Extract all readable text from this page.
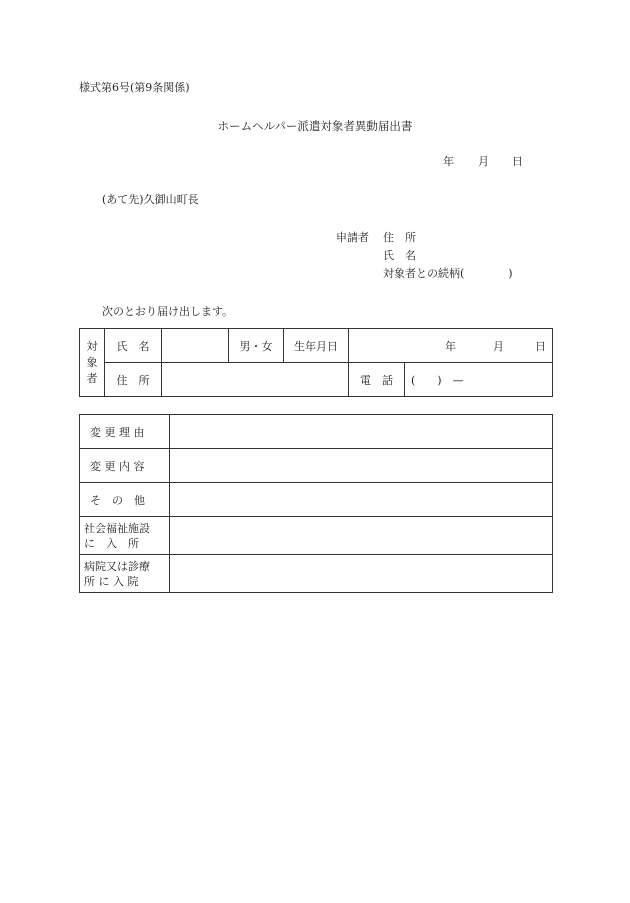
様式第6号(第9条関係)
ホームヘルパー派遣対象者異動届出書
年 月 日
(あて先)久御山町長
申請者 住　所
氏　名
対象者との続柄(　　　　)
次のとおり届け出します。
対
象
者	氏　名		男・女	生年月日	年 月 日	
	住　所				電　話	(　　)　—
変 更 理 由	
変 更 内 容	
そ　の　他	

社会福祉施設
に　入　所	

病院又は診療
所 に 入 院	
